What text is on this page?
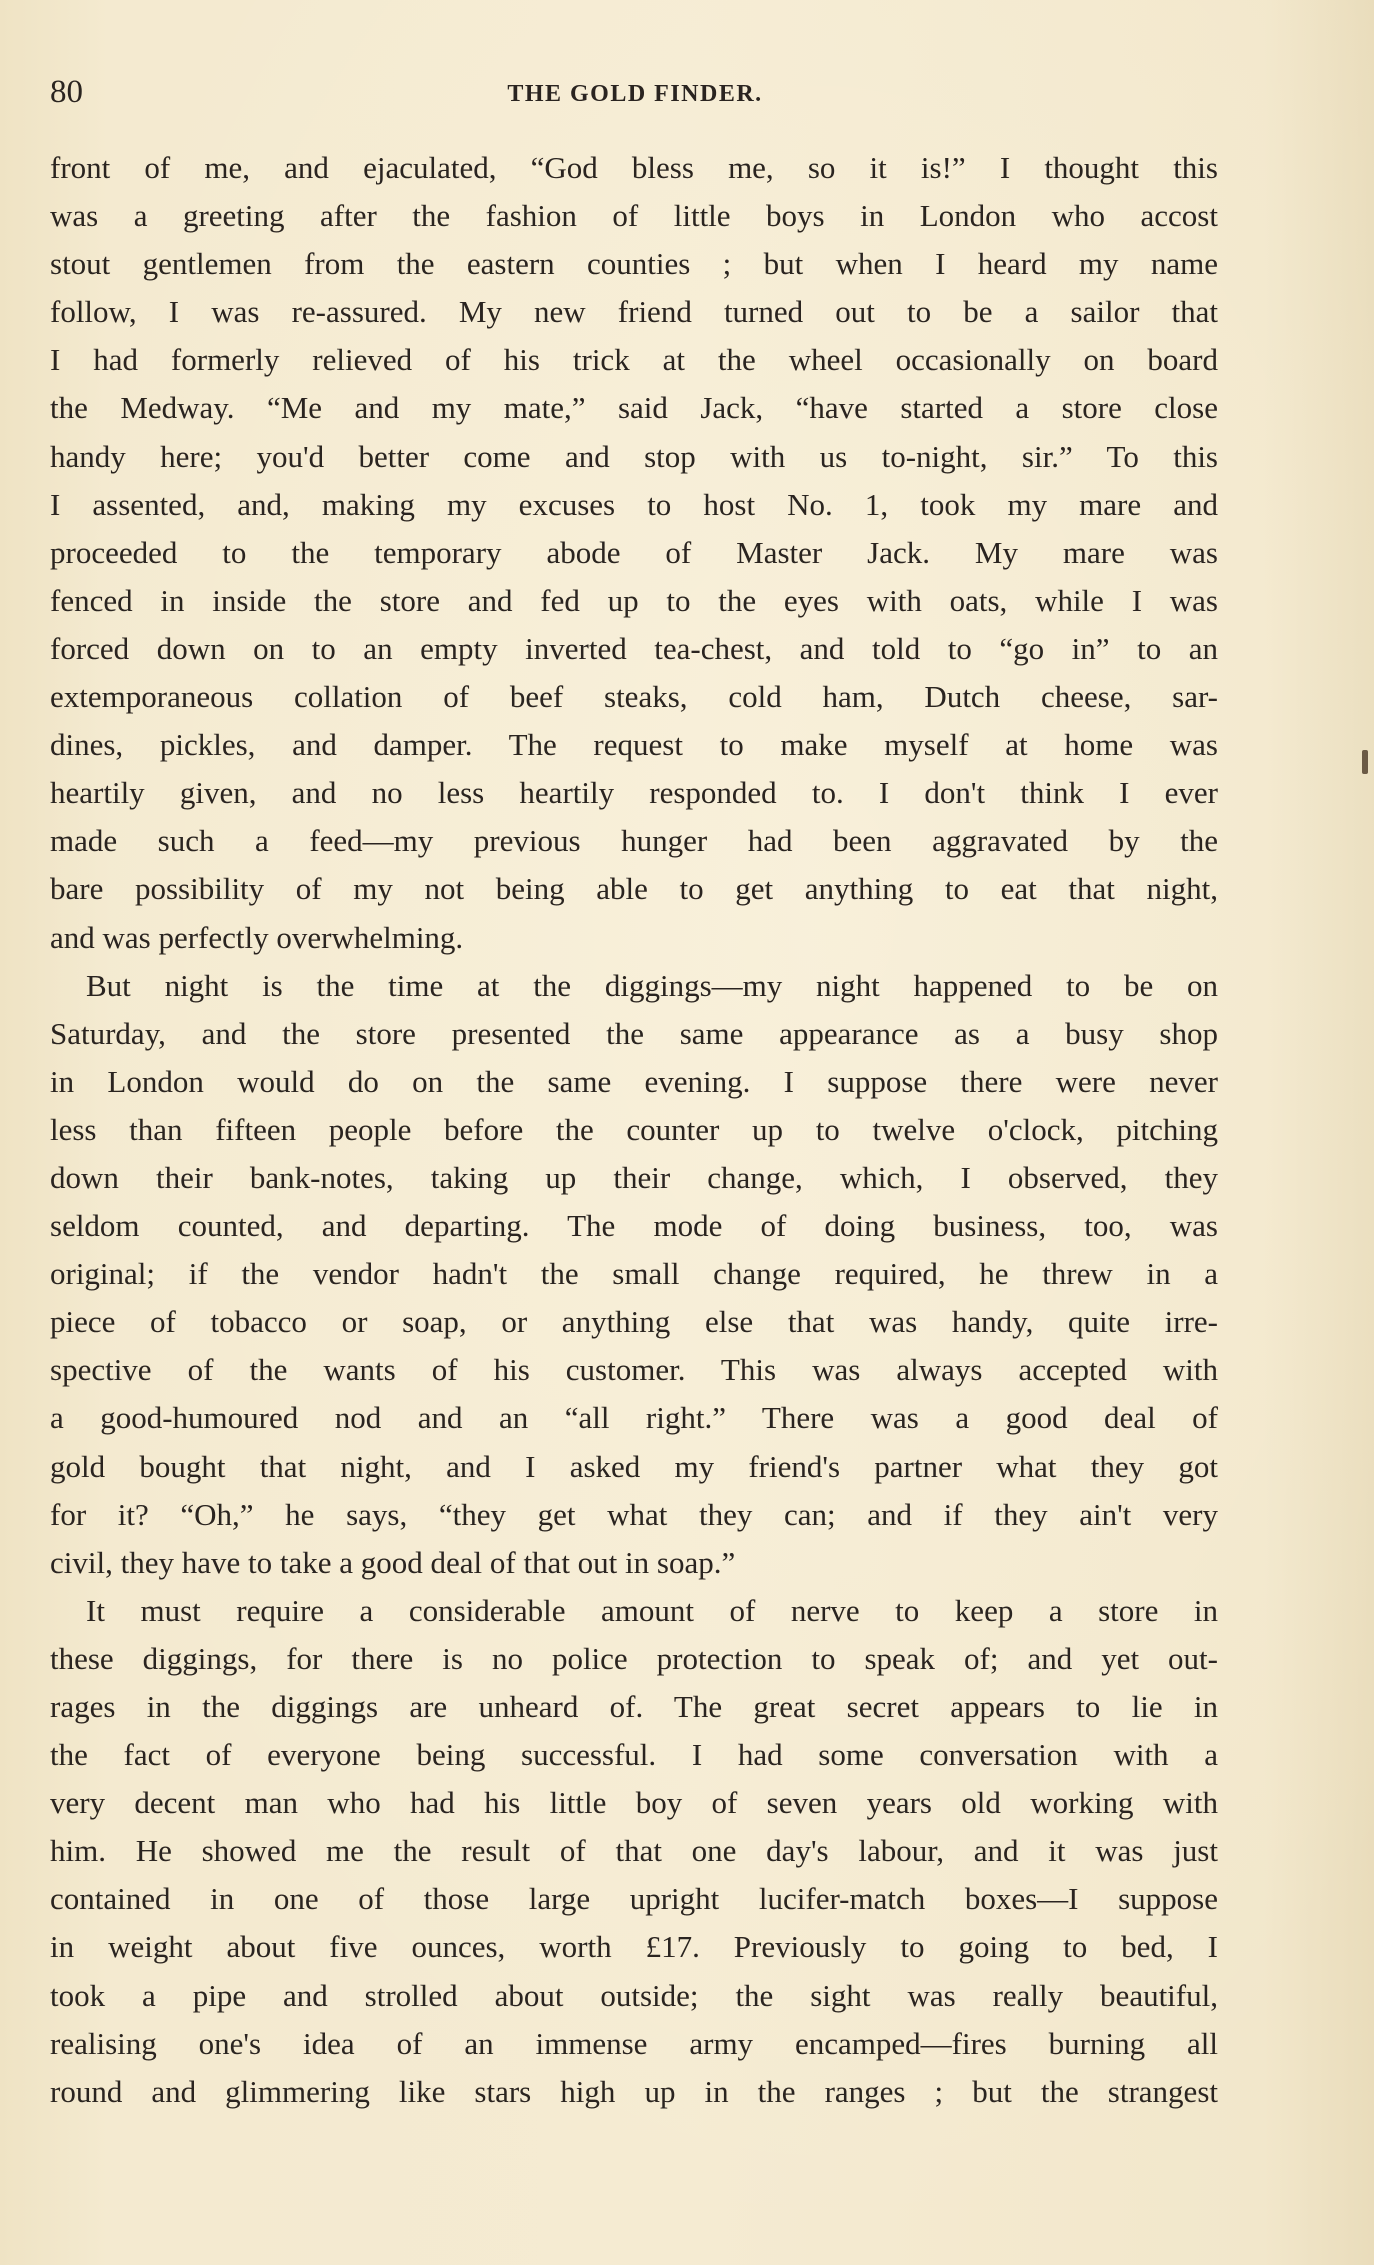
80	THE GOLD FINDER.
front of me, and ejaculated, “God bless me, so it is!” I thought this
was a greeting after the fashion of little boys in London who accost
stout gentlemen from the eastern counties ; but when I heard my name
follow, I was re-assured. My new friend turned out to be a sailor that
I had formerly relieved of his trick at the wheel occasionally on board
the Medway. “Me and my mate,” said Jack, “have started a store close
handy here; you'd better come and stop with us to-night, sir.” To this
I assented, and, making my excuses to host No. 1, took my mare and
proceeded to the temporary abode of Master Jack. My mare was
fenced in inside the store and fed up to the eyes with oats, while I was
forced down on to an empty inverted tea-chest, and told to “go in” to an
extemporaneous collation of beef steaks, cold ham, Dutch cheese, sar-
dines, pickles, and damper. The request to make myself at home was
heartily given, and no less heartily responded to. I don't think I ever
made such a feed—my previous hunger had been aggravated by the
bare possibility of my not being able to get anything to eat that night,
and was perfectly overwhelming.
But night is the time at the diggings—my night happened to be on
Saturday, and the store presented the same appearance as a busy shop
in London would do on the same evening. I suppose there were never
less than fifteen people before the counter up to twelve o'clock, pitching
down their bank-notes, taking up their change, which, I observed, they
seldom counted, and departing. The mode of doing business, too, was
original; if the vendor hadn't the small change required, he threw in a
piece of tobacco or soap, or anything else that was handy, quite irre-
spective of the wants of his customer. This was always accepted with
a good-humoured nod and an “all right.” There was a good deal of
gold bought that night, and I asked my friend's partner what they got
for it? “Oh,” he says, “they get what they can; and if they ain't very
civil, they have to take a good deal of that out in soap.”
It must require a considerable amount of nerve to keep a store in
these diggings, for there is no police protection to speak of; and yet out-
rages in the diggings are unheard of. The great secret appears to lie in
the fact of everyone being successful. I had some conversation with a
very decent man who had his little boy of seven years old working with
him. He showed me the result of that one day's labour, and it was just
contained in one of those large upright lucifer-match boxes—I suppose
in weight about five ounces, worth £17. Previously to going to bed, I
took a pipe and strolled about outside; the sight was really beautiful,
realising one's idea of an immense army encamped—fires burning all
round and glimmering like stars high up in the ranges ; but the strangest
